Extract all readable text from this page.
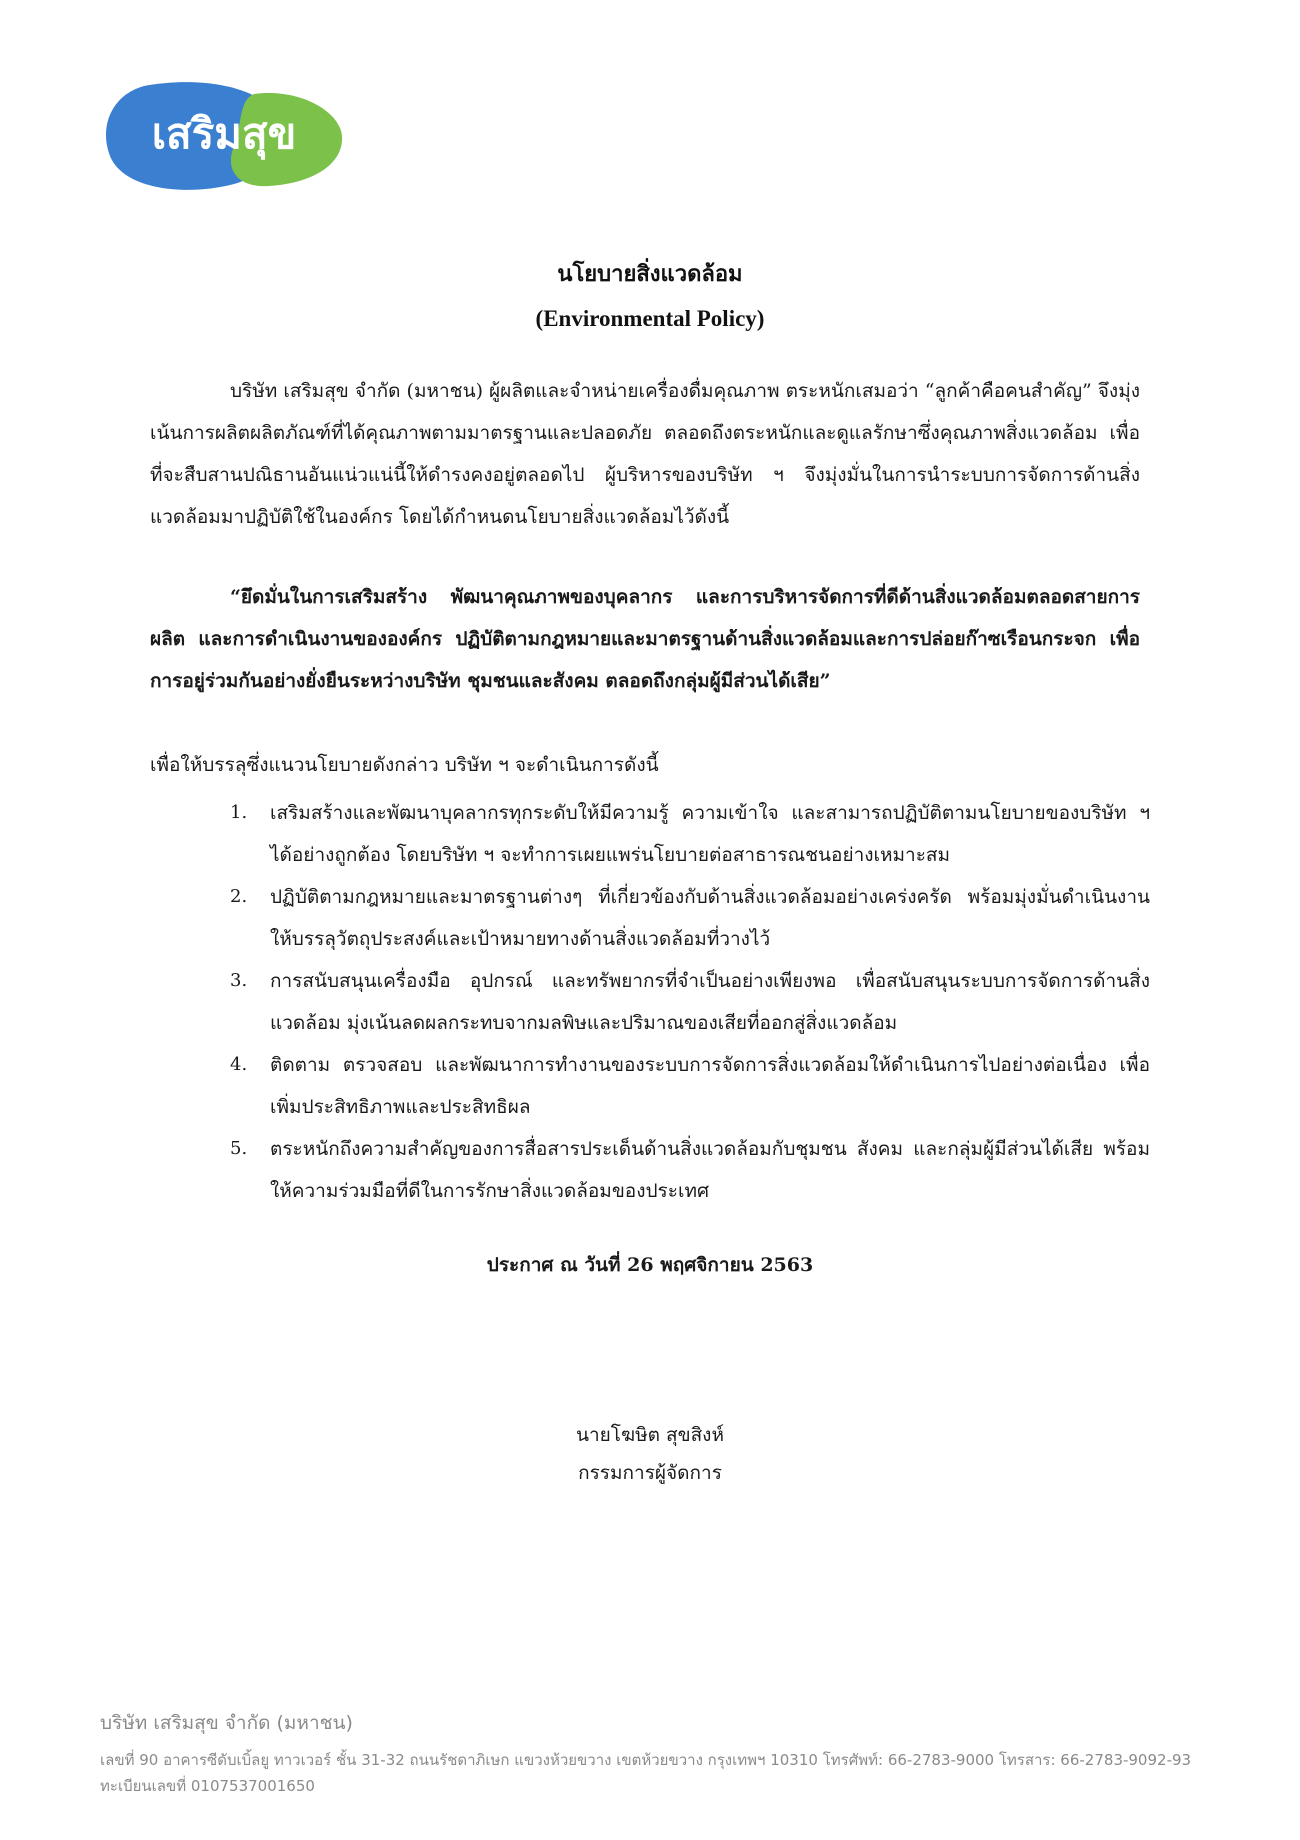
เสริมสุข
นโยบายสิ่งแวดล้อม
(Environmental Policy)

บริษัท เสริมสุข จำกัด (มหาชน) ผู้ผลิตและจำหน่ายเครื่องดื่มคุณภาพ ตระหนักเสมอว่า “ลูกค้าคือคนสำคัญ” จึงมุ่งเน้นการผลิตผลิตภัณฑ์ที่ได้คุณภาพตามมาตรฐานและปลอดภัย ตลอดถึงตระหนักและดูแลรักษาซึ่งคุณภาพสิ่งแวดล้อม เพื่อที่จะสืบสานปณิธานอันแน่วแน่นี้ให้ดำรงคงอยู่ตลอดไป ผู้บริหารของบริษัท ฯ จึงมุ่งมั่นในการนำระบบการจัดการด้านสิ่งแวดล้อมมาปฏิบัติใช้ในองค์กร โดยได้กำหนดนโยบายสิ่งแวดล้อมไว้ดังนี้

“ยึดมั่นในการเสริมสร้าง พัฒนาคุณภาพของบุคลากร และการบริหารจัดการที่ดีด้านสิ่งแวดล้อมตลอดสายการผลิต และการดำเนินงานขององค์กร ปฏิบัติตามกฎหมายและมาตรฐานด้านสิ่งแวดล้อมและการปล่อยก๊าซเรือนกระจก เพื่อการอยู่ร่วมกันอย่างยั่งยืนระหว่างบริษัท ชุมชนและสังคม ตลอดถึงกลุ่มผู้มีส่วนได้เสีย”

เพื่อให้บรรลุซึ่งแนวนโยบายดังกล่าว บริษัท ฯ จะดำเนินการดังนี้

1. เสริมสร้างและพัฒนาบุคลากรทุกระดับให้มีความรู้ ความเข้าใจ และสามารถปฏิบัติตามนโยบายของบริษัท ฯ ได้อย่างถูกต้อง โดยบริษัท ฯ จะทำการเผยแพร่นโยบายต่อสาธารณชนอย่างเหมาะสม
2. ปฏิบัติตามกฎหมายและมาตรฐานต่างๆ ที่เกี่ยวข้องกับด้านสิ่งแวดล้อมอย่างเคร่งครัด พร้อมมุ่งมั่นดำเนินงานให้บรรลุวัตถุประสงค์และเป้าหมายทางด้านสิ่งแวดล้อมที่วางไว้
3. การสนับสนุนเครื่องมือ อุปกรณ์ และทรัพยากรที่จำเป็นอย่างเพียงพอ เพื่อสนับสนุนระบบการจัดการด้านสิ่งแวดล้อม มุ่งเน้นลดผลกระทบจากมลพิษและปริมาณของเสียที่ออกสู่สิ่งแวดล้อม
4. ติดตาม ตรวจสอบ และพัฒนาการทำงานของระบบการจัดการสิ่งแวดล้อมให้ดำเนินการไปอย่างต่อเนื่อง เพื่อเพิ่มประสิทธิภาพและประสิทธิผล
5. ตระหนักถึงความสำคัญของการสื่อสารประเด็นด้านสิ่งแวดล้อมกับชุมชน สังคม และกลุ่มผู้มีส่วนได้เสีย พร้อมให้ความร่วมมือที่ดีในการรักษาสิ่งแวดล้อมของประเทศ
ประกาศ ณ วันที่ 26 พฤศจิกายน 2563
นายโฆษิต สุขสิงห์
กรรมการผู้จัดการ
บริษัท เสริมสุข จำกัด (มหาชน)
เลขที่ 90 อาคารซีดับเบิ้ลยู ทาวเวอร์ ชั้น 31-32 ถนนรัชดาภิเษก แขวงห้วยขวาง เขตห้วยขวาง กรุงเทพฯ 10310 โทรศัพท์: 66-2783-9000 โทรสาร: 66-2783-9092-93
ทะเบียนเลขที่ 0107537001650
